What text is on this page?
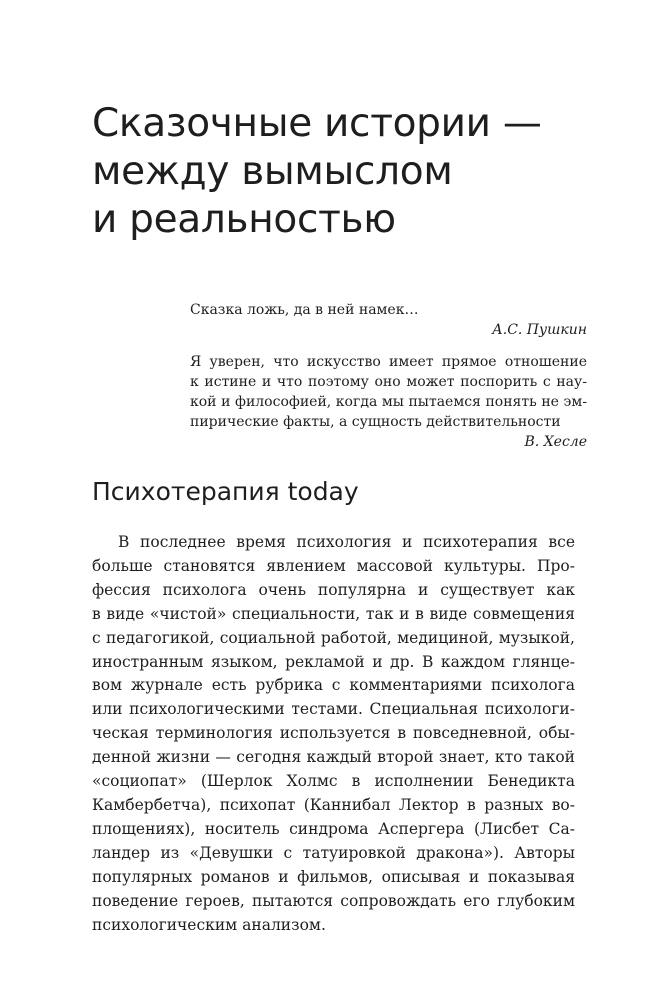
Сказочные истории —
между вымыслом
и реальностью
Сказка ложь, да в ней намек…
А.С. Пушкин
Я уверен, что искусство имеет прямое отношение
к истине и что поэтому оно может поспорить с нау-
кой и философией, когда мы пытаемся понять не эм-
пирические факты, а сущность действительности
В. Хесле
Психотерапия today
В последнее время психология и психотерапия все
больше становятся явлением массовой культуры. Про-
фессия психолога очень популярна и существует как
в виде «чистой» специальности, так и в виде совмещения
с педагогикой, социальной работой, медициной, музыкой,
иностранным языком, рекламой и др. В каждом глянце-
вом журнале есть рубрика с комментариями психолога
или психологическими тестами. Специальная психологи-
ческая терминология используется в повседневной, обы-
денной жизни — сегодня каждый второй знает, кто такой
«социопат» (Шерлок Холмс в исполнении Бенедикта
Камбербетча), психопат (Каннибал Лектор в разных во-
площениях), носитель синдрома Аспергера (Лисбет Са-
ландер из «Девушки с татуировкой дракона»). Авторы
популярных романов и фильмов, описывая и показывая
поведение героев, пытаются сопровождать его глубоким
психологическим анализом.
